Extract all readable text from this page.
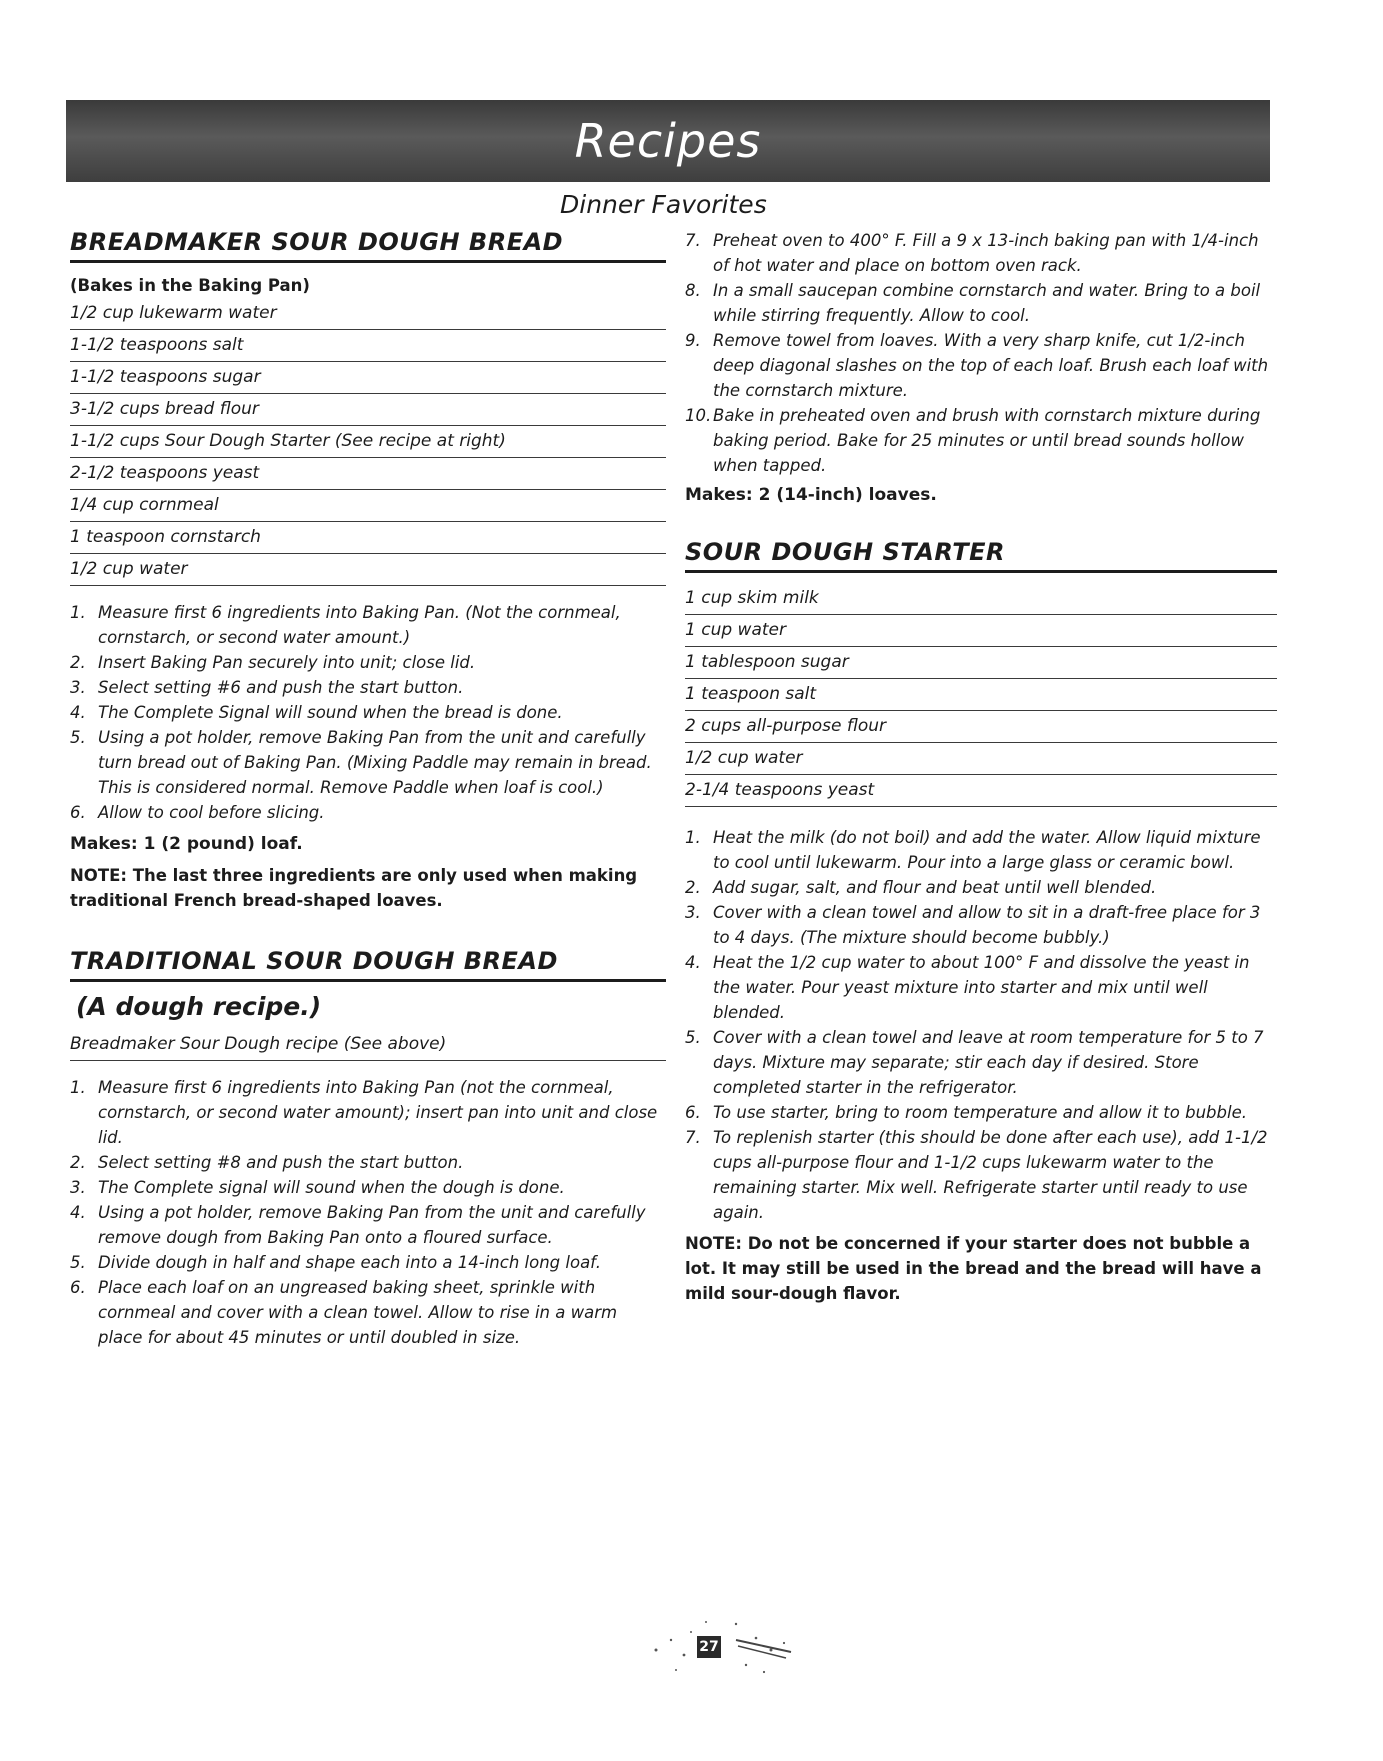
Recipes
Dinner Favorites
BREADMAKER SOUR DOUGH BREAD
(Bakes in the Baking Pan)
1/2 cup lukewarm water
1-1/2 teaspoons salt
1-1/2 teaspoons sugar
3-1/2 cups bread flour
1-1/2 cups Sour Dough Starter (See recipe at right)
2-1/2 teaspoons yeast
1/4 cup cornmeal
1 teaspoon cornstarch
1/2 cup water
1. Measure first 6 ingredients into Baking Pan. (Not the cornmeal, cornstarch, or second water amount.)
2. Insert Baking Pan securely into unit; close lid.
3. Select setting #6 and push the start button.
4. The Complete Signal will sound when the bread is done.
5. Using a pot holder, remove Baking Pan from the unit and carefully turn bread out of Baking Pan. (Mixing Paddle may remain in bread. This is considered normal. Remove Paddle when loaf is cool.)
6. Allow to cool before slicing.
Makes: 1 (2 pound) loaf.
NOTE: The last three ingredients are only used when making traditional French bread-shaped loaves.
TRADITIONAL SOUR DOUGH BREAD
(A dough recipe.)
Breadmaker Sour Dough recipe (See above)
1. Measure first 6 ingredients into Baking Pan (not the cornmeal, cornstarch, or second water amount); insert pan into unit and close lid.
2. Select setting #8 and push the start button.
3. The Complete signal will sound when the dough is done.
4. Using a pot holder, remove Baking Pan from the unit and carefully remove dough from Baking Pan onto a floured surface.
5. Divide dough in half and shape each into a 14-inch long loaf.
6. Place each loaf on an ungreased baking sheet, sprinkle with cornmeal and cover with a clean towel. Allow to rise in a warm place for about 45 minutes or until doubled in size.
7. Preheat oven to 400° F. Fill a 9 x 13-inch baking pan with 1/4-inch of hot water and place on bottom oven rack.
8. In a small saucepan combine cornstarch and water. Bring to a boil while stirring frequently. Allow to cool.
9. Remove towel from loaves. With a very sharp knife, cut 1/2-inch deep diagonal slashes on the top of each loaf. Brush each loaf with the cornstarch mixture.
10. Bake in preheated oven and brush with cornstarch mixture during baking period. Bake for 25 minutes or until bread sounds hollow when tapped.
Makes: 2 (14-inch) loaves.
SOUR DOUGH STARTER
1 cup skim milk
1 cup water
1 tablespoon sugar
1 teaspoon salt
2 cups all-purpose flour
1/2 cup water
2-1/4 teaspoons yeast
1. Heat the milk (do not boil) and add the water. Allow liquid mixture to cool until lukewarm. Pour into a large glass or ceramic bowl.
2. Add sugar, salt, and flour and beat until well blended.
3. Cover with a clean towel and allow to sit in a draft-free place for 3 to 4 days. (The mixture should become bubbly.)
4. Heat the 1/2 cup water to about 100° F and dissolve the yeast in the water. Pour yeast mixture into starter and mix until well blended.
5. Cover with a clean towel and leave at room temperature for 5 to 7 days. Mixture may separate; stir each day if desired. Store completed starter in the refrigerator.
6. To use starter, bring to room temperature and allow it to bubble.
7. To replenish starter (this should be done after each use), add 1-1/2 cups all-purpose flour and 1-1/2 cups lukewarm water to the remaining starter. Mix well. Refrigerate starter until ready to use again.
NOTE: Do not be concerned if your starter does not bubble a lot. It may still be used in the bread and the bread will have a mild sour-dough flavor.
27
